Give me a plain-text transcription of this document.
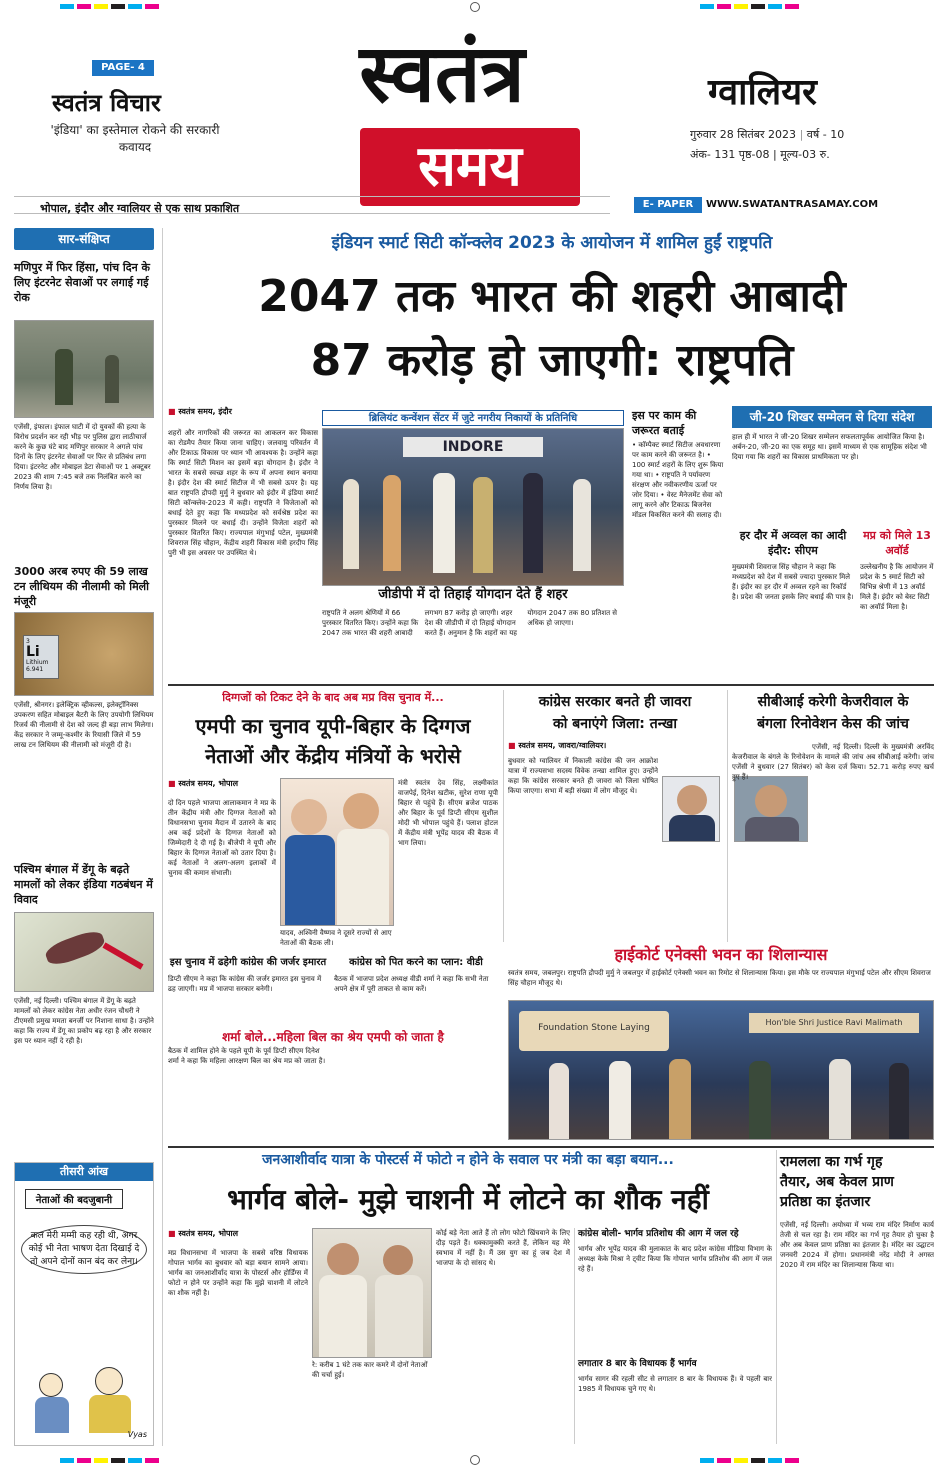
PAGE- 4
स्वतंत्र विचार
'इंडिया' का इस्तेमाल रोकने की सरकारी कवायद
स्वतंत्र
समय
ग्वालियर
गुरुवार 28 सितंबर 2023 | वर्ष - 10
अंक- 131 पृष्ठ-08 | मूल्य-03 रु.
भोपाल, इंदौर और ग्वालियर से एक साथ प्रकाशित	E- PAPER	WWW.SWATANTRASAMAY.COM
सार-संक्षिप्त
मणिपुर में फिर हिंसा, पांच दिन के लिए इंटरनेट सेवाओं पर लगाई गई रोक
एजेंसी, इंफाल। इंफाल घाटी में दो युवकों की हत्या के विरोध प्रदर्शन कर रही भीड़ पर पुलिस द्वारा लाठीचार्ज करने के कुछ घंटे बाद मणिपुर सरकार ने अगले पांच दिनों के लिए इंटरनेट सेवाओं पर फिर से प्रतिबंध लगा दिया। इंटरनेट और मोबाइल डेटा सेवाओं पर 1 अक्टूबर 2023 की शाम 7:45 बजे तक निलंबित करने का निर्णय लिया है।
3000 अरब रुपए की 59 लाख टन लीथियम की नीलामी को मिली मंजूरी
3
Li
Lithium
6.941
एजेंसी, श्रीनगर। इलेक्ट्रिक व्हीकल्स, इलेक्ट्रॉनिक्स उपकरण सहित मोबाइल बैटरी के लिए उपयोगी लिथियम रिजर्व की नीलामी से देश को जल्द ही बड़ा लाभ मिलेगा। केंद्र सरकार ने जम्मू-कश्मीर के रियासी जिले में 59 लाख टन लिथियम की नीलामी को मंजूरी दी है।
पश्चिम बंगाल में डेंगू के बढ़ते मामलों को लेकर इंडिया गठबंधन में विवाद
एजेंसी, नई दिल्ली। पश्चिम बंगाल में डेंगू के बढ़ते मामलों को लेकर कांग्रेस नेता अधीर रंजन चौधरी ने टीएमसी प्रमुख ममता बनर्जी पर निशाना साधा है। उन्होंने कहा कि राज्य में डेंगू का प्रकोप बढ़ रहा है और सरकार इस पर ध्यान नहीं दे रही है।
तीसरी आंख
नेताओं की बदजुबानी
कल मेरी मम्मी कह रही थी, अगर कोई भी नेता भाषण देता दिखाई दे तो अपने दोनों कान बंद कर लेना।
Vyas
इंडियन स्मार्ट सिटी कॉन्क्लेव 2023 के आयोजन में शामिल हुईं राष्ट्रपति
2047 तक भारत की शहरी आबादी
87 करोड़ हो जाएगी: राष्ट्रपति
■ स्वतंत्र समय, इंदौर
शहरों और नागरिकों की जरूरत का आकलन कर विकास का रोडमैप तैयार किया जाना चाहिए। जलवायु परिवर्तन में और टिकाऊ विकास पर ध्यान भी आवश्यक है। उन्होंने कहा कि स्मार्ट सिटी मिशन का इसमें बड़ा योगदान है। इंदौर ने भारत के सबसे स्वच्छ शहर के रूप में अपना स्थान बनाया है। इंदौर देश की स्मार्ट सिटीज में भी सबसे ऊपर है। यह बात राष्ट्रपति द्रौपदी मुर्मु ने बुधवार को इंदौर में इंडिया स्मार्ट सिटी कॉन्क्लेव-2023 में कही। राष्ट्रपति ने विजेताओं को बधाई देते हुए कहा कि मध्यप्रदेश को सर्वश्रेष्ठ प्रदेश का पुरस्कार मिलने पर बधाई दी। उन्होंने विजेता शहरों को पुरस्कार वितरित किए। राज्यपाल मंगुभाई पटेल, मुख्यमंत्री शिवराज सिंह चौहान, केंद्रीय शहरी विकास मंत्री हरदीप सिंह पुरी भी इस अवसर पर उपस्थित थे।
ब्रिलियंट कन्वेंशन सेंटर में जुटे नगरीय निकायों के प्रतिनिधि
INDORE
जीडीपी में दो तिहाई योगदान देते हैं शहर
राष्ट्रपति ने अलग श्रेणियों में 66 पुरस्कार वितरित किए। उन्होंने कहा कि 2047 तक भारत की शहरी आबादी लगभग 87 करोड़ हो जाएगी। शहर देश की जीडीपी में दो तिहाई योगदान करते हैं। अनुमान है कि शहरों का यह योगदान 2047 तक 80 प्रतिशत से अधिक हो जाएगा।
इस पर काम की जरूरत बताई
• कॉम्पैक्ट स्मार्ट सिटीज अवधारणा पर काम करने की जरूरत है। • 100 स्मार्ट शहरों के लिए शुरू किया गया था। • राष्ट्रपति ने पर्यावरण संरक्षण और नवीकरणीय ऊर्जा पर जोर दिया। • वेस्ट मैनेजमेंट सेवा को लागू करने और टिकाऊ बिजनेस मॉडल विकसित करने की सलाह दी।
जी-20 शिखर सम्मेलन से दिया संदेश
हाल ही में भारत ने जी-20 शिखर सम्मेलन सफलतापूर्वक आयोजित किया है। अर्बन-20, जी-20 का एक समूह था। इसमें माध्यम से एक सामूहिक संदेश भी दिया गया कि शहरों का विकास प्राथमिकता पर हो।
हर दौर में अव्वल का आदी इंदौर: सीएम
मुख्यमंत्री शिवराज सिंह चौहान ने कहा कि मध्यप्रदेश को देश में सबसे ज्यादा पुरस्कार मिले हैं। इंदौर का हर दौर में अव्वल रहने का रिकॉर्ड है। प्रदेश की जनता इसके लिए बधाई की पात्र है।
मप्र को मिले 13 अवॉर्ड
उल्लेखनीय है कि आयोजन में प्रदेश के 5 स्मार्ट सिटी को विभिन्न श्रेणी में 13 अवॉर्ड मिले हैं। इंदौर को बेस्ट सिटी का अवॉर्ड मिला है।
दिग्गजों को टिकट देने के बाद अब मप्र विस चुनाव में...
एमपी का चुनाव यूपी-बिहार के दिग्गज
नेताओं और केंद्रीय मंत्रियों के भरोसे
■ स्वतंत्र समय, भोपाल
दो दिन पहले भाजपा आलाकमान ने मप्र के तीन केंद्रीय मंत्री और दिग्गज नेताओं को विधानसभा चुनाव मैदान में उतारने के बाद अब कई प्रदेशों के दिग्गज नेताओं को जिम्मेदारी दे दी गई है। बीजेपी ने यूपी और बिहार के दिग्गज नेताओं को उतार दिया है। कई नेताओं ने अलग-अलग इलाकों में चुनाव की कमान संभाली।
यादव, अश्विनी वैष्णव ने दूसरे राज्यों से आए नेताओं की बैठक ली।
मंत्री स्वतंत्र देव सिंह, लक्ष्मीकांत वाजपेई, दिनेश खटीक, सुरेश राणा यूपी बिहार से पहुंचे हैं। सीएम ब्रजेश पाठक और बिहार के पूर्व डिप्टी सीएम सुशील मोदी भी भोपाल पहुंचे हैं। पलाश होटल में केंद्रीय मंत्री भूपेंद्र यादव की बैठक में भाग लिया।
इस चुनाव में ढहेगी कांग्रेस की जर्जर इमारत
डिप्टी सीएम ने कहा कि कांग्रेस की जर्जर इमारत इस चुनाव में ढह जाएगी। मप्र में भाजपा सरकार बनेगी।
कांग्रेस को पित करने का प्लान: वीडी
बैठक में भाजपा प्रदेश अध्यक्ष वीडी शर्मा ने कहा कि सभी नेता अपने क्षेत्र में पूरी ताकत से काम करें।
शर्मा बोले...महिला बिल का श्रेय एमपी को जाता है
बैठक में शामिल होने के पहले यूपी के पूर्व डिप्टी सीएम दिनेश शर्मा ने कहा कि महिला आरक्षण बिल का श्रेय मप्र को जाता है।
कांग्रेस सरकार बनते ही जावरा
को बनाएंगे जिला: तन्खा
■ स्वतंत्र समय, जावरा/ग्वालियर।
बुधवार को ग्वालियर में निकाली कांग्रेस की जन आक्रोश यात्रा में राज्यसभा सदस्य विवेक तन्खा शामिल हुए। उन्होंने कहा कि कांग्रेस सरकार बनते ही जावरा को जिला घोषित किया जाएगा। सभा में बड़ी संख्या में लोग मौजूद थे।
सीबीआई करेगी केजरीवाल के
बंगला रिनोवेशन केस की जांच
एजेंसी, नई दिल्ली। दिल्ली के मुख्यमंत्री अरविंद केजरीवाल के बंगले के रिनोवेशन के मामले की जांच अब सीबीआई करेगी। जांच एजेंसी ने बुधवार (27 सितंबर) को केस दर्ज किया। 52.71 करोड़ रुपए खर्च हुए हैं।
हाईकोर्ट एनेक्सी भवन का शिलान्यास
स्वतंत्र समय, जबलपुर। राष्ट्रपति द्रौपदी मुर्मु ने जबलपुर में हाईकोर्ट एनेक्सी भवन का रिमोट से शिलान्यास किया। इस मौके पर राज्यपाल मंगुभाई पटेल और सीएम शिवराज सिंह चौहान मौजूद थे।
Foundation Stone Laying
Hon'ble Shri Justice Ravi Malimath
जनआशीर्वाद यात्रा के पोस्टर्स में फोटो न होने के सवाल पर मंत्री का बड़ा बयान...
भार्गव बोले- मुझे चाशनी में लोटने का शौक नहीं
■ स्वतंत्र समय, भोपाल
मप्र विधानसभा में भाजपा के सबसे वरिष्ठ विधायक गोपाल भार्गव का बुधवार को बड़ा बयान सामने आया। भार्गव का जनआशीर्वाद यात्रा के पोस्टर्स और होर्डिंग्स में फोटो न होने पर उन्होंने कहा कि मुझे चाशनी में लोटने का शौक नहीं है।
रे: करीब 1 घंटे तक कार कमरे में दोनों नेताओं की चर्चा हुई।
कोई बड़े नेता आते हैं तो लोग फोटो खिंचवाने के लिए दौड़ पड़ते हैं। धक्कामुक्की करते हैं, लेकिन यह मेरे स्वभाव में नहीं है। मैं उस युग का हूं जब देश में भाजपा के दो सांसद थे।
कांग्रेस बोली- भार्गव प्रतिशोध की आग में जल रहे
भार्गव और भूपेंद्र यादव की मुलाकात के बाद प्रदेश कांग्रेस मीडिया विभाग के अध्यक्ष केके मिश्रा ने ट्वीट किया कि गोपाल भार्गव प्रतिशोध की आग में जल रहे हैं।
लगातार 8 बार के विधायक हैं भार्गव
भार्गव सागर की रहली सीट से लगातार 8 बार के विधायक हैं। वे पहली बार 1985 में विधायक चुने गए थे।
रामलला का गर्भ गृह
तैयार, अब केवल प्राण
प्रतिष्ठा का इंतजार
एजेंसी, नई दिल्ली। अयोध्या में भव्य राम मंदिर निर्माण कार्य तेजी से चल रहा है। राम मंदिर का गर्भ गृह तैयार हो चुका है और अब केवल प्राण प्रतिष्ठा का इंतजार है। मंदिर का उद्घाटन जनवरी 2024 में होगा। प्रधानमंत्री नरेंद्र मोदी ने अगस्त 2020 में राम मंदिर का शिलान्यास किया था।
